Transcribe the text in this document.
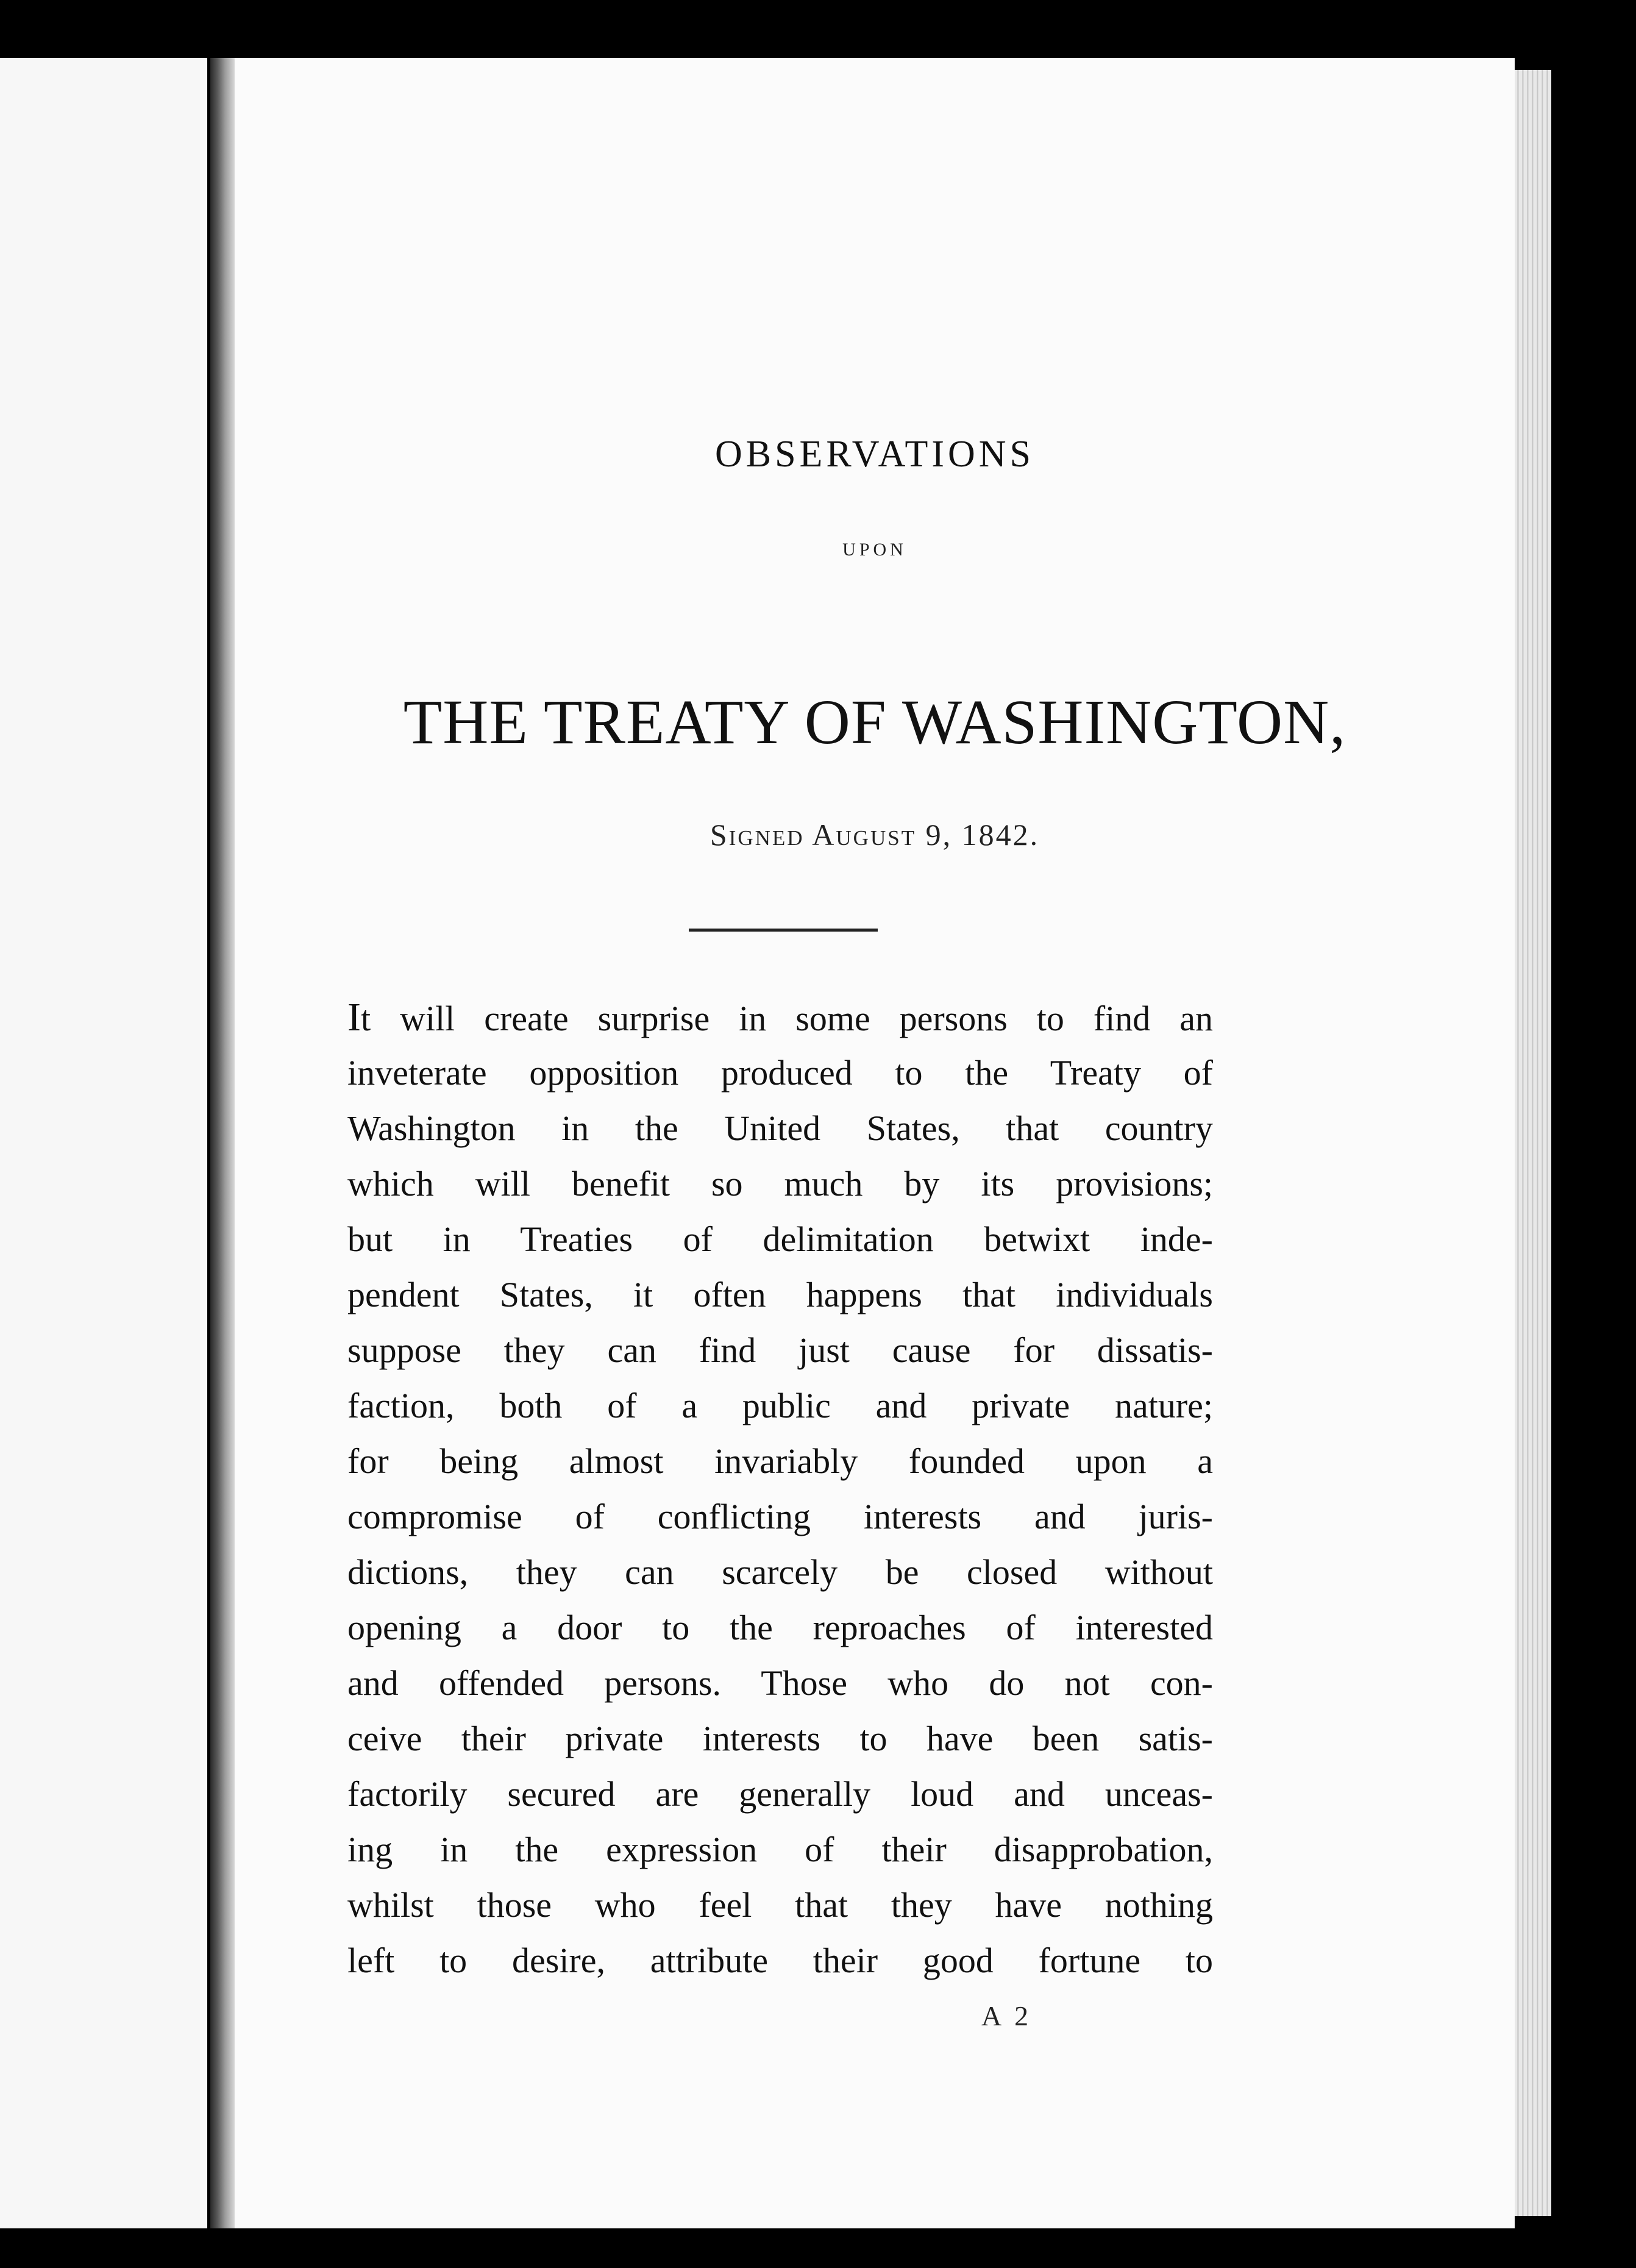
OBSERVATIONS
UPON
THE TREATY OF WASHINGTON,
Signed August 9, 1842.
It will create surprise in some persons to find an
inveterate opposition produced to the Treaty of
Washington in the United States, that country
which will benefit so much by its provisions;
but in Treaties of delimitation betwixt inde-
pendent States, it often happens that individuals
suppose they can find just cause for dissatis-
faction, both of a public and private nature;
for being almost invariably founded upon a
compromise of conflicting interests and juris-
dictions, they can scarcely be closed without
opening a door to the reproaches of interested
and offended persons. Those who do not con-
ceive their private interests to have been satis-
factorily secured are generally loud and unceas-
ing in the expression of their disapprobation,
whilst those who feel that they have nothing
left to desire, attribute their good fortune to
A 2
